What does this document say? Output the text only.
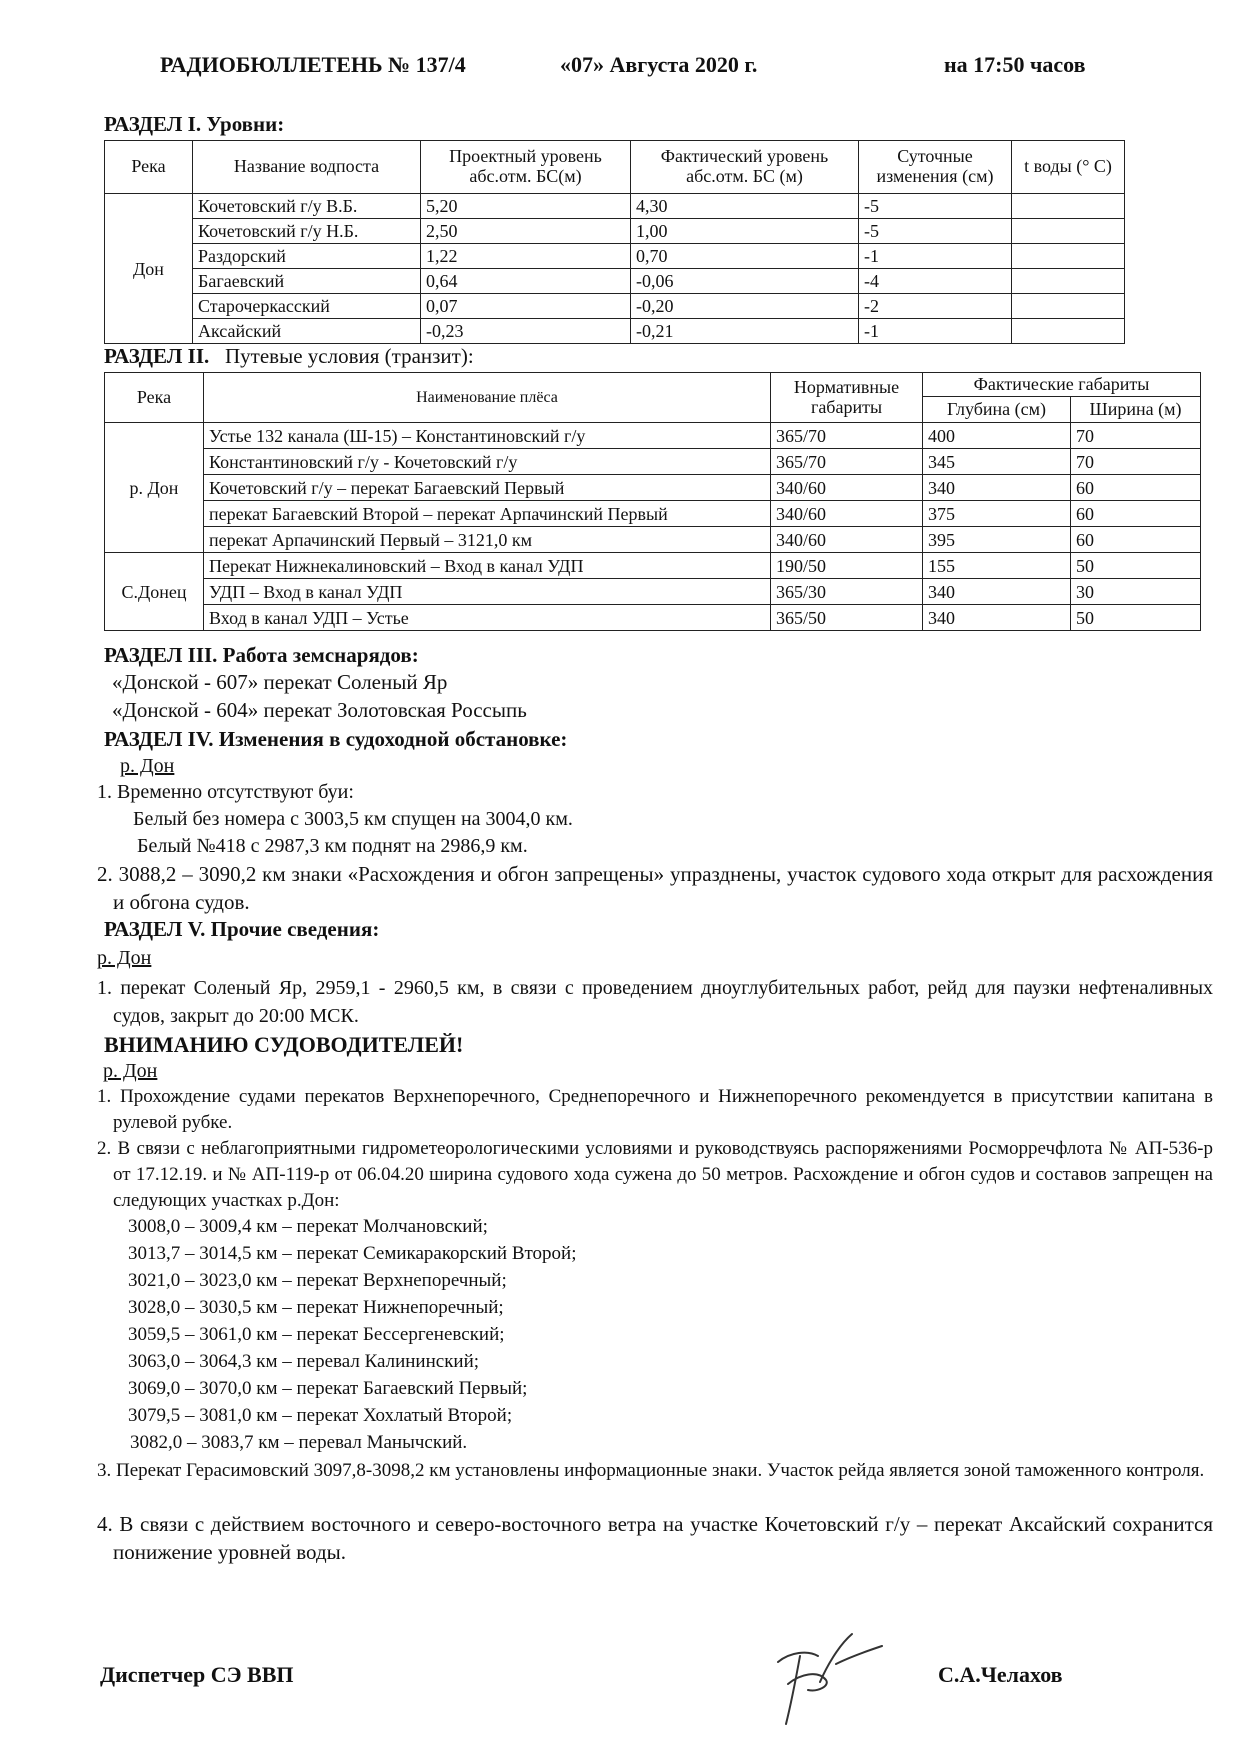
РАДИОБЮЛЛЕТЕНЬ № 137/4	«07» Августа 2020 г.	на 17:50 часов
РАЗДЕЛ I. Уровни:
Река	Название водпоста	Проектный уровень абс.отм. БС(м)	Фактический уровень абс.отм. БС (м)	Суточные изменения (см)	t воды (° С)
Дон	Кочетовский г/у В.Б.	5,20	4,30	-5	
	Кочетовский г/у Н.Б.	2,50	1,00	-5	
	Раздорский	1,22	0,70	-1	
	Багаевский	0,64	-0,06	-4	
	Старочеркасский	0,07	-0,20	-2	
	Аксайский	-0,23	-0,21	-1	
РАЗДЕЛ II. Путевые условия (транзит):
Река	Наименование плёса	Нормативные габариты	Фактические габариты	
			Глубина (см)	Ширина (м)
р. Дон	Устье 132 канала (Ш-15) – Константиновский г/у	365/70	400	70
	Константиновский г/у - Кочетовский г/у	365/70	345	70
	Кочетовский г/у – перекат Багаевский Первый	340/60	340	60
	перекат Багаевский Второй – перекат Арпачинский Первый	340/60	375	60
	перекат Арпачинский Первый – 3121,0 км	340/60	395	60
С.Донец	Перекат Нижнекалиновский – Вход в канал УДП	190/50	155	50
	УДП – Вход в канал УДП	365/30	340	30
	Вход в канал УДП – Устье	365/50	340	50
РАЗДЕЛ III. Работа земснарядов:
«Донской - 607» перекат Соленый Яр
«Донской - 604» перекат Золотовская Россыпь
РАЗДЕЛ IV. Изменения в судоходной обстановке:
р. Дон
1. Временно отсутствуют буи:
Белый без номера с 3003,5 км спущен на 3004,0 км.
Белый №418 с 2987,3 км поднят на 2986,9 км.
2. 3088,2 – 3090,2 км знаки «Расхождения и обгон запрещены» упразднены, участок судового хода открыт для расхождения и обгона судов.
РАЗДЕЛ V. Прочие сведения:
р. Дон
1. перекат Соленый Яр, 2959,1 - 2960,5 км, в связи с проведением дноуглубительных работ, рейд для паузки нефтеналивных судов, закрыт до 20:00 МСК.
ВНИМАНИЮ СУДОВОДИТЕЛЕЙ!
р. Дон
1. Прохождение судами перекатов Верхнепоречного, Среднепоречного и Нижнепоречного рекомендуется в присутствии капитана в рулевой рубке.
2. В связи с неблагоприятными гидрометеорологическими условиями и руководствуясь распоряжениями Росморречфлота № АП-536-р от 17.12.19. и № АП-119-р от 06.04.20 ширина судового хода сужена до 50 метров. Расхождение и обгон судов и составов запрещен на следующих участках р.Дон:
3008,0 – 3009,4 км – перекат Молчановский;
3013,7 – 3014,5 км – перекат Семикаракорский Второй;
3021,0 – 3023,0 км – перекат Верхнепоречный;
3028,0 – 3030,5 км – перекат Нижнепоречный;
3059,5 – 3061,0 км – перекат Бессергеневский;
3063,0 – 3064,3 км – перевал Калининский;
3069,0 – 3070,0 км – перекат Багаевский Первый;
3079,5 – 3081,0 км – перекат Хохлатый Второй;
3082,0 – 3083,7 км – перевал Манычский.
3. Перекат Герасимовский 3097,8-3098,2 км установлены информационные знаки. Участок рейда является зоной таможенного контроля.
4. В связи с действием восточного и северо-восточного ветра на участке Кочетовский г/у – перекат Аксайский сохранится понижение уровней воды.
Диспетчер СЭ ВВП	С.А.Челахов
